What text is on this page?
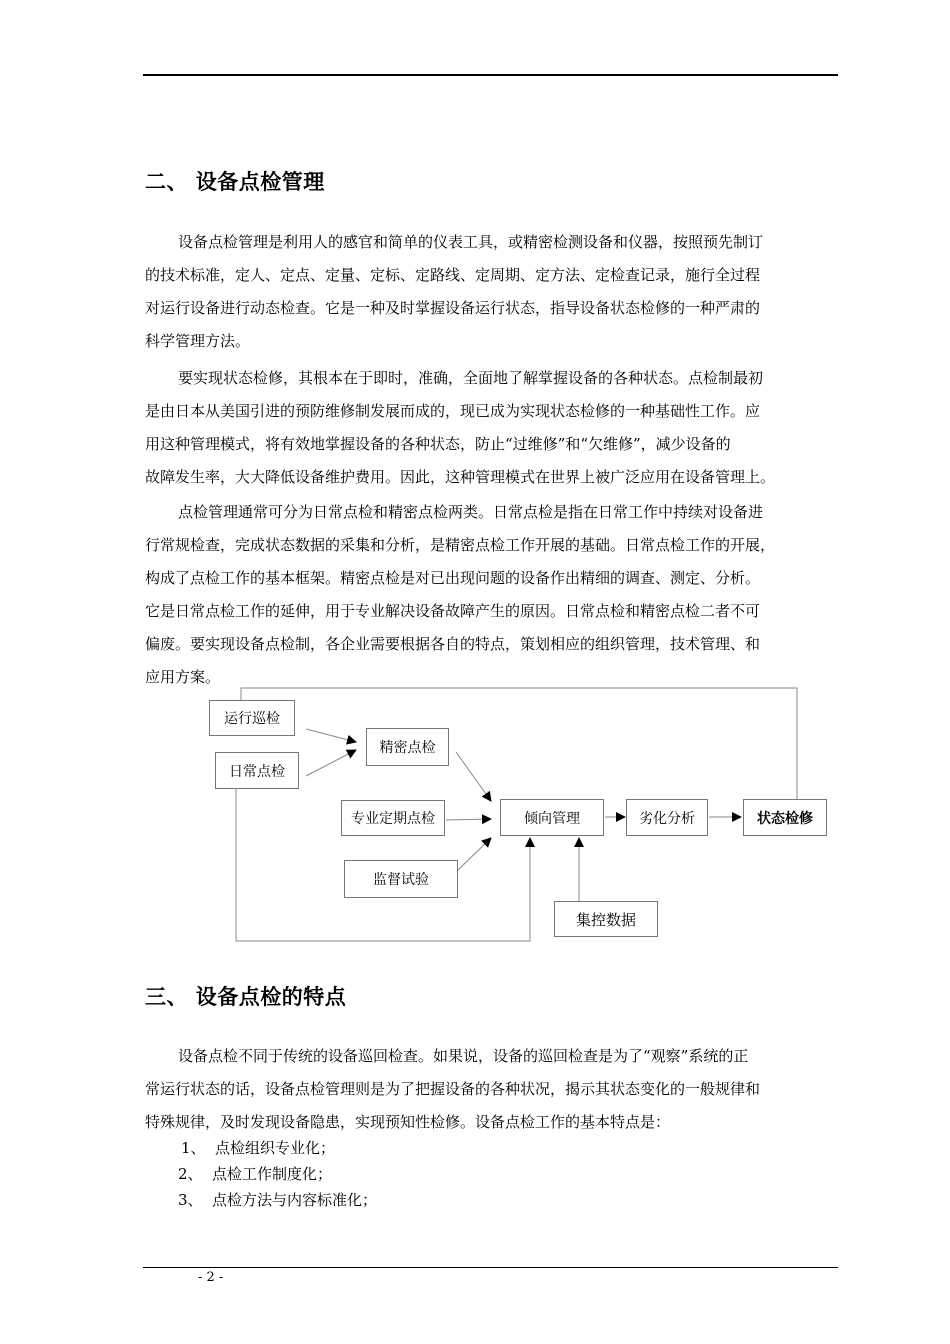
二、 设备点检管理
设备点检管理是利用人的感官和简单的仪表工具，或精密检测设备和仪器，按照预先制订
的技术标准，定人、定点、定量、定标、定路线、定周期、定方法、定检查记录，施行全过程
对运行设备进行动态检查。它是一种及时掌握设备运行状态，指导设备状态检修的一种严肃的
科学管理方法。
要实现状态检修，其根本在于即时，准确，全面地了解掌握设备的各种状态。点检制最初
是由日本从美国引进的预防维修制发展而成的，现已成为实现状态检修的一种基础性工作。应
用这种管理模式，将有效地掌握设备的各种状态，防止“过维修”和“欠维修”，减少设备的
故障发生率，大大降低设备维护费用。因此，这种管理模式在世界上被广泛应用在设备管理上。
点检管理通常可分为日常点检和精密点检两类。日常点检是指在日常工作中持续对设备进
行常规检查，完成状态数据的采集和分析，是精密点检工作开展的基础。日常点检工作的开展，
构成了点检工作的基本框架。精密点检是对已出现问题的设备作出精细的调查、测定、分析。
它是日常点检工作的延伸，用于专业解决设备故障产生的原因。日常点检和精密点检二者不可
偏废。要实现设备点检制，各企业需要根据各自的特点，策划相应的组织管理，技术管理、和
应用方案。
运行巡检
日常点检
精密点检
专业定期点检
监督试验
倾向管理	劣化分析	状态检修
集控数据
三、 设备点检的特点
设备点检不同于传统的设备巡回检查。如果说，设备的巡回检查是为了“观察”系统的正
常运行状态的话，设备点检管理则是为了把握设备的各种状况，揭示其状态变化的一般规律和
特殊规律，及时发现设备隐患，实现预知性检修。设备点检工作的基本特点是：
1、 点检组织专业化；
2、 点检工作制度化；
3、 点检方法与内容标准化；
- 2 -
